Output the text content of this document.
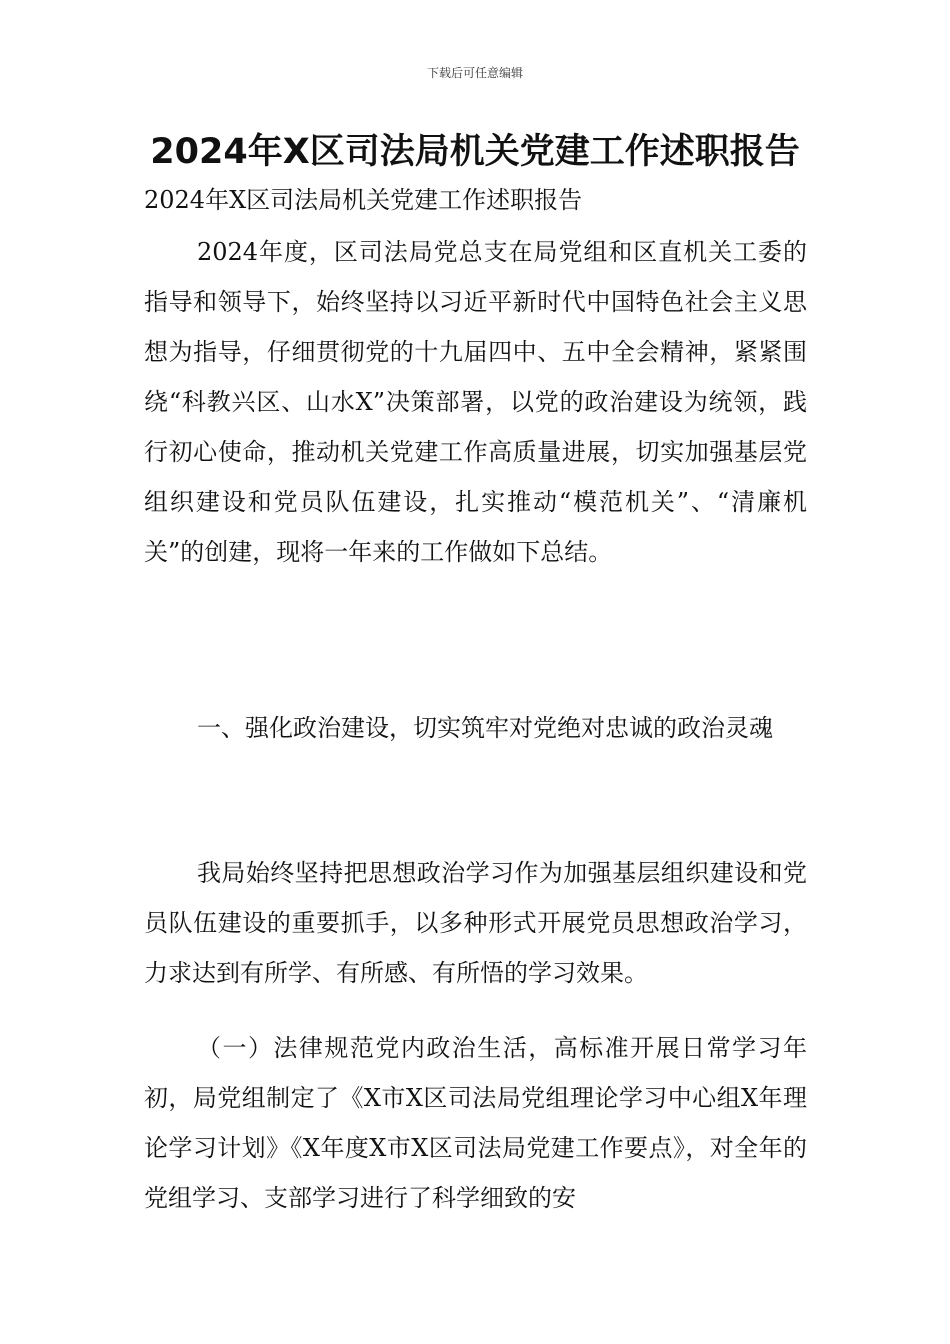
下载后可任意编辑
2024年X区司法局机关党建工作述职报告

2024年X区司法局机关党建工作述职报告

2024年度，区司法局党总支在局党组和区直机关工委的指导和领导下，始终坚持以习近平新时代中国特色社会主义思想为指导，仔细贯彻党的十九届四中、五中全会精神，紧紧围绕“科教兴区、山水X”决策部署，以党的政治建设为统领，践行初心使命，推动机关党建工作高质量进展，切实加强基层党组织建设和党员队伍建设，扎实推动“模范机关”、“清廉机关”的创建，现将一年来的工作做如下总结。

一、强化政治建设，切实筑牢对党绝对忠诚的政治灵魂

我局始终坚持把思想政治学习作为加强基层组织建设和党员队伍建设的重要抓手，以多种形式开展党员思想政治学习，力求达到有所学、有所感、有所悟的学习效果。

（一）法律规范党内政治生活，高标准开展日常学习年初，局党组制定了《X市X区司法局党组理论学习中心组X年理论学习计划》《X年度X市X区司法局党建工作要点》，对全年的党组学习、支部学习进行了科学细致的安
